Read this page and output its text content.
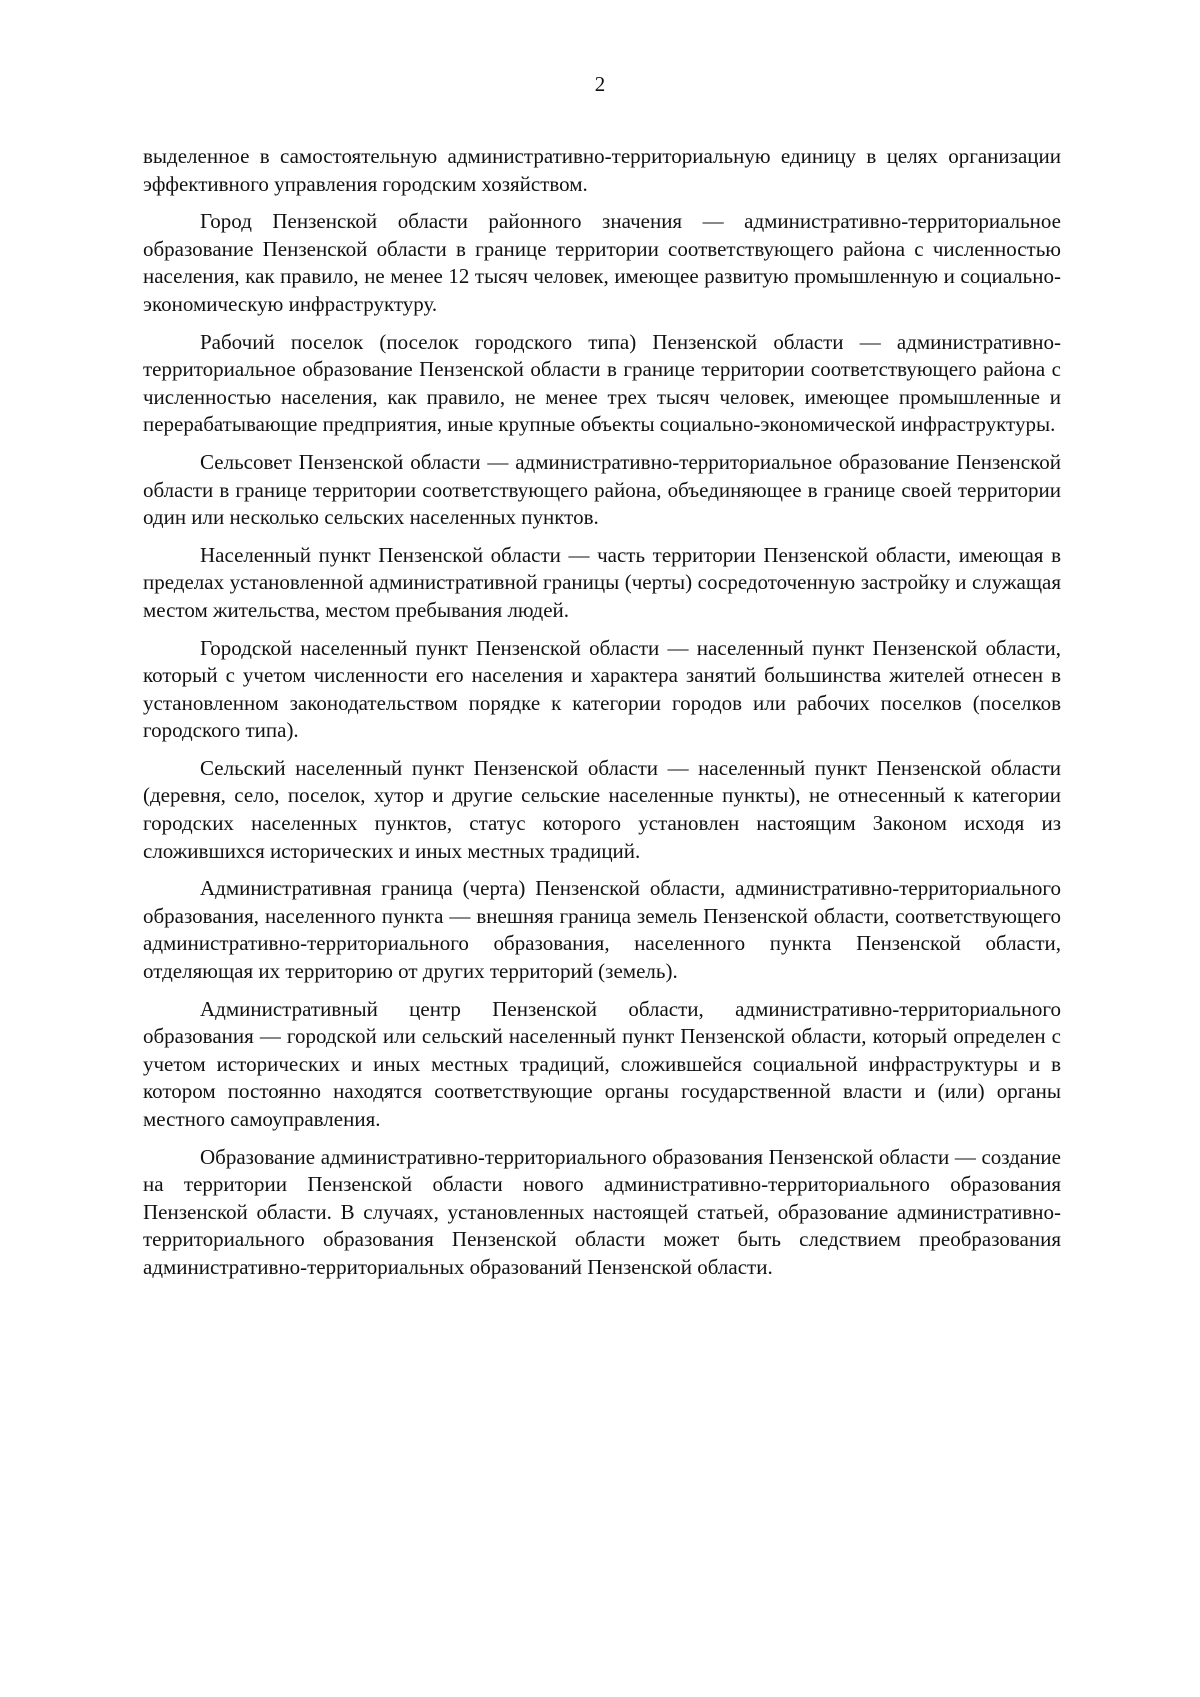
2

выделенное в самостоятельную административно-территориальную единицу в целях организации эффективного управления городским хозяйством.

Город Пензенской области районного значения — административно-территориальное образование Пензенской области в границе территории соответствующего района с численностью населения, как правило, не менее 12 тысяч человек, имеющее развитую промышленную и социально-экономическую инфраструктуру.

Рабочий поселок (поселок городского типа) Пензенской области — административно-территориальное образование Пензенской области в границе территории соответствующего района с численностью населения, как правило, не менее трех тысяч человек, имеющее промышленные и перерабатывающие предприятия, иные крупные объекты социально-экономической инфраструктуры.

Сельсовет Пензенской области — административно-территориальное образование Пензенской области в границе территории соответствующего района, объединяющее в границе своей территории один или несколько сельских населенных пунктов.

Населенный пункт Пензенской области — часть территории Пензенской области, имеющая в пределах установленной административной границы (черты) сосредоточенную застройку и служащая местом жительства, местом пребывания людей.

Городской населенный пункт Пензенской области — населенный пункт Пензенской области, который с учетом численности его населения и характера занятий большинства жителей отнесен в установленном законодательством порядке к категории городов или рабочих поселков (поселков городского типа).

Сельский населенный пункт Пензенской области — населенный пункт Пензенской области (деревня, село, поселок, хутор и другие сельские населенные пункты), не отнесенный к категории городских населенных пунктов, статус которого установлен настоящим Законом исходя из сложившихся исторических и иных местных традиций.

Административная граница (черта) Пензенской области, административно-территориального образования, населенного пункта — внешняя граница земель Пензенской области, соответствующего административно-территориального образования, населенного пункта Пензенской области, отделяющая их территорию от других территорий (земель).

Административный центр Пензенской области, административно-территориального образования — городской или сельский населенный пункт Пензенской области, который определен с учетом исторических и иных местных традиций, сложившейся социальной инфраструктуры и в котором постоянно находятся соответствующие органы государственной власти и (или) органы местного самоуправления.

Образование административно-территориального образования Пензенской области — создание на территории Пензенской области нового административно-территориального образования Пензенской области. В случаях, установленных настоящей статьей, образование административно-территориального образования Пензенской области может быть следствием преобразования административно-территориальных образований Пензенской области.
